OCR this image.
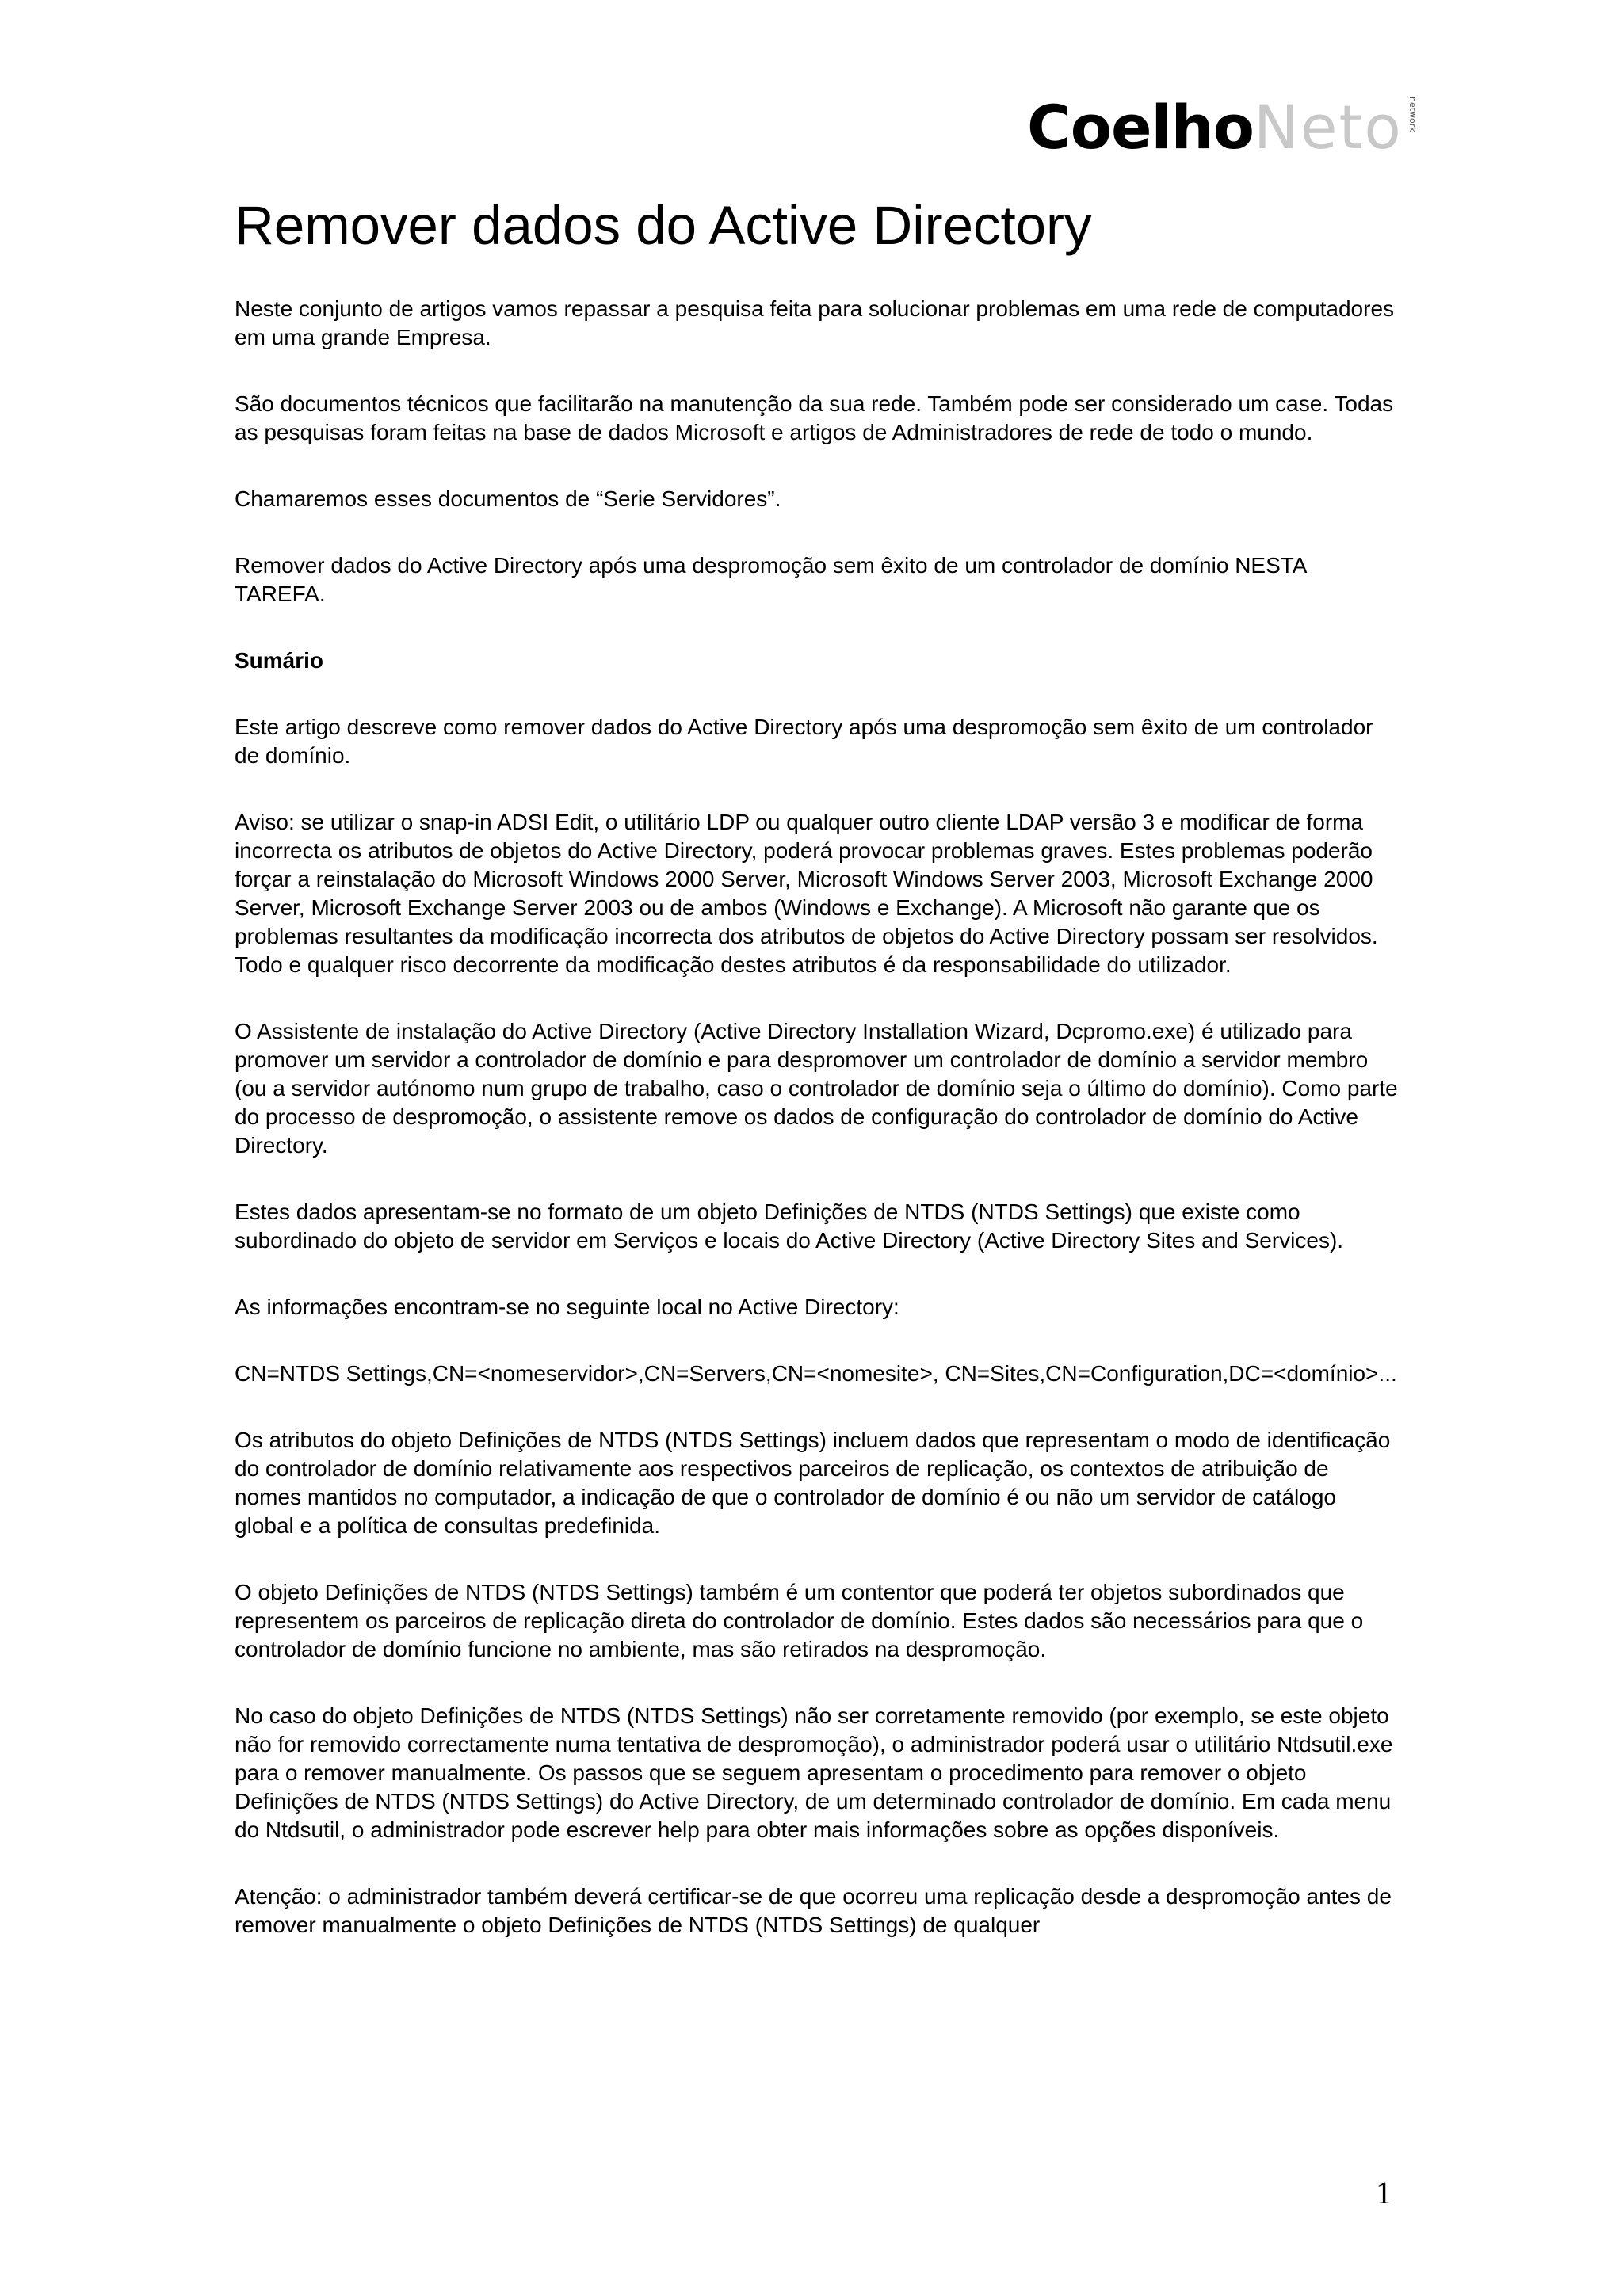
Coelho Neto network
Remover dados do Active Directory

Neste conjunto de artigos vamos repassar a pesquisa feita para solucionar problemas em uma rede de computadores em uma grande Empresa.

São documentos técnicos que facilitarão na manutenção da sua rede. Também pode ser considerado um case. Todas as pesquisas foram feitas na base de dados Microsoft e artigos de Administradores de rede de todo o mundo.

Chamaremos esses documentos de “Serie Servidores”.

Remover dados do Active Directory após uma despromoção sem êxito de um controlador de domínio NESTA TAREFA.

Sumário

Este artigo descreve como remover dados do Active Directory após uma despromoção sem êxito de um controlador de domínio.

Aviso: se utilizar o snap-in ADSI Edit, o utilitário LDP ou qualquer outro cliente LDAP versão 3 e modificar de forma incorrecta os atributos de objetos do Active Directory, poderá provocar problemas graves. Estes problemas poderão forçar a reinstalação do Microsoft Windows 2000 Server, Microsoft Windows Server 2003, Microsoft Exchange 2000 Server, Microsoft Exchange Server 2003 ou de ambos (Windows e Exchange). A Microsoft não garante que os problemas resultantes da modificação incorrecta dos atributos de objetos do Active Directory possam ser resolvidos. Todo e qualquer risco decorrente da modificação destes atributos é da responsabilidade do utilizador.

O Assistente de instalação do Active Directory (Active Directory Installation Wizard, Dcpromo.exe) é utilizado para promover um servidor a controlador de domínio e para despromover um controlador de domínio a servidor membro (ou a servidor autónomo num grupo de trabalho, caso o controlador de domínio seja o último do domínio). Como parte do processo de despromoção, o assistente remove os dados de configuração do controlador de domínio do Active Directory.

Estes dados apresentam-se no formato de um objeto Definições de NTDS (NTDS Settings) que existe como subordinado do objeto de servidor em Serviços e locais do Active Directory (Active Directory Sites and Services).

As informações encontram-se no seguinte local no Active Directory:

CN=NTDS Settings,CN=<nomeservidor>,CN=Servers,CN=<nomesite>, CN=Sites,CN=Configuration,DC=<domínio>...

Os atributos do objeto Definições de NTDS (NTDS Settings) incluem dados que representam o modo de identificação do controlador de domínio relativamente aos respectivos parceiros de replicação, os contextos de atribuição de nomes mantidos no computador, a indicação de que o controlador de domínio é ou não um servidor de catálogo global e a política de consultas predefinida.

O objeto Definições de NTDS (NTDS Settings) também é um contentor que poderá ter objetos subordinados que representem os parceiros de replicação direta do controlador de domínio. Estes dados são necessários para que o controlador de domínio funcione no ambiente, mas são retirados na despromoção.

No caso do objeto Definições de NTDS (NTDS Settings) não ser corretamente removido (por exemplo, se este objeto não for removido correctamente numa tentativa de despromoção), o administrador poderá usar o utilitário Ntdsutil.exe para o remover manualmente. Os passos que se seguem apresentam o procedimento para remover o objeto Definições de NTDS (NTDS Settings) do Active Directory, de um determinado controlador de domínio. Em cada menu do Ntdsutil, o administrador pode escrever help para obter mais informações sobre as opções disponíveis.

Atenção: o administrador também deverá certificar-se de que ocorreu uma replicação desde a despromoção antes de remover manualmente o objeto Definições de NTDS (NTDS Settings) de qualquer

1
